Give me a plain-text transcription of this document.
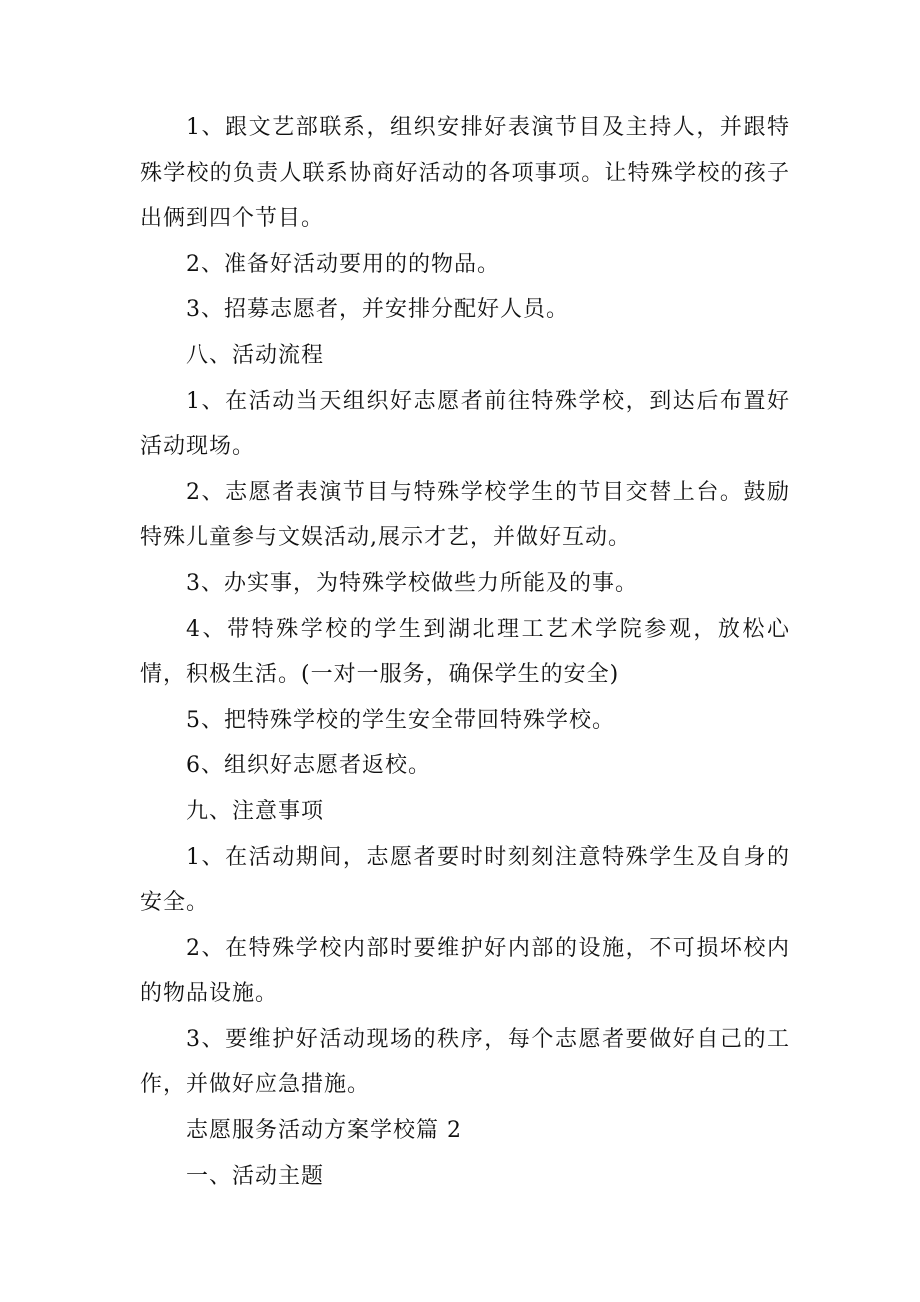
1、跟文艺部联系，组织安排好表演节目及主持人，并跟特殊学校的负责人联系协商好活动的各项事项。让特殊学校的孩子出俩到四个节目。

2、准备好活动要用的的物品。

3、招募志愿者，并安排分配好人员。

八、活动流程

1、在活动当天组织好志愿者前往特殊学校，到达后布置好活动现场。

2、志愿者表演节目与特殊学校学生的节目交替上台。鼓励特殊儿童参与文娱活动,展示才艺，并做好互动。

3、办实事，为特殊学校做些力所能及的事。

4、带特殊学校的学生到湖北理工艺术学院参观，放松心情，积极生活。(一对一服务，确保学生的安全)

5、把特殊学校的学生安全带回特殊学校。

6、组织好志愿者返校。

九、注意事项

1、在活动期间，志愿者要时时刻刻注意特殊学生及自身的安全。

2、在特殊学校内部时要维护好内部的设施，不可损坏校内的物品设施。

3、要维护好活动现场的秩序，每个志愿者要做好自己的工作，并做好应急措施。

志愿服务活动方案学校篇 2

一、活动主题
